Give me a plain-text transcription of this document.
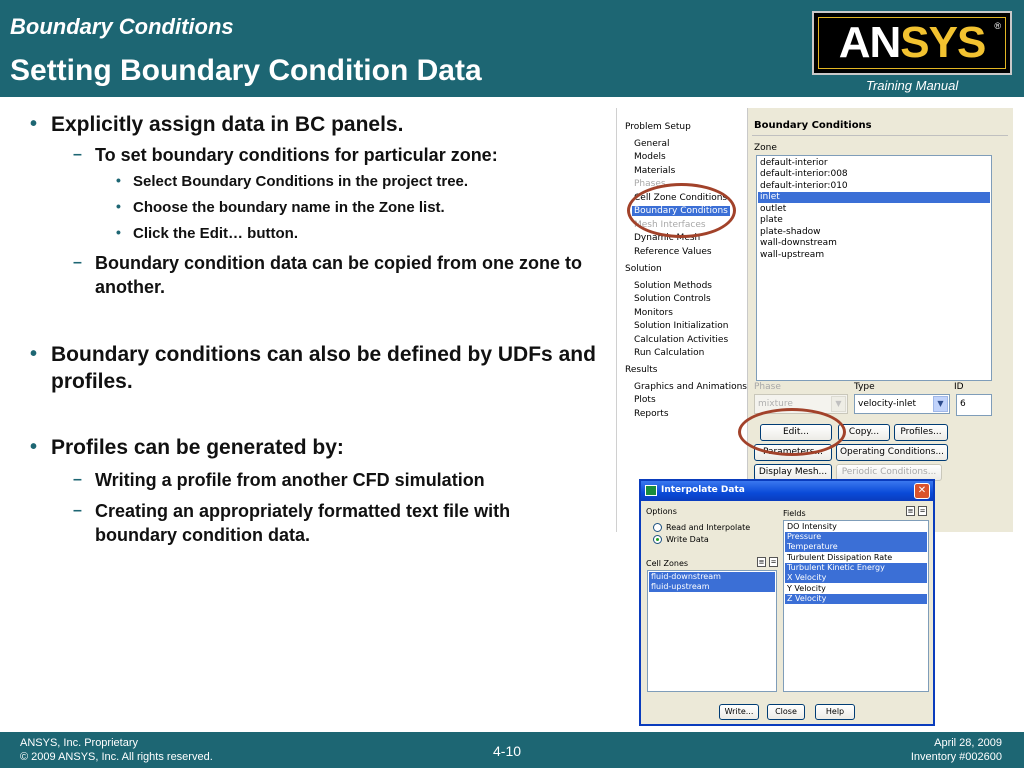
Boundary Conditions
Setting Boundary Condition Data
ANSYS ®
Training Manual
• Explicitly assign data in BC panels.
– To set boundary conditions for particular zone:
• Select Boundary Conditions in the project tree.
• Choose the boundary name in the Zone list.
• Click the Edit… button.
– Boundary condition data can be copied from one zone to another.
• Boundary conditions can also be defined by UDFs and profiles.
• Profiles can be generated by:
– Writing a profile from another CFD simulation
– Creating an appropriately formatted text file with boundary condition data.
Problem Setup
General
Models
Materials
Phases
Cell Zone Conditions
Boundary Conditions
Mesh Interfaces
Dynamic Mesh
Reference Values
Solution
Solution Methods
Solution Controls
Monitors
Solution Initialization
Calculation Activities
Run Calculation
Results
Graphics and Animations
Plots
Reports
Boundary Conditions
Zone
default-interior
default-interior:008
default-interior:010
inlet
outlet
plate
plate-shadow
wall-downstream
wall-upstream
Phase
mixture	▼
Type
velocity-inlet	▼
ID
6
Edit...	Copy...	Profiles...
Parameters...	Operating Conditions...
Display Mesh...	Periodic Conditions...
Interpolate Data	✕
Options
Read and Interpolate
Write Data
Cell Zones	≡ =
fluid-downstream
fluid-upstream
Fields	≡ =
DO Intensity
Pressure
Temperature
Turbulent Dissipation Rate
Turbulent Kinetic Energy
X Velocity
Y Velocity
Z Velocity
Write...	Close	Help
ANSYS, Inc. Proprietary
© 2009 ANSYS, Inc. All rights reserved.	4-10	April 28, 2009
Inventory #002600
